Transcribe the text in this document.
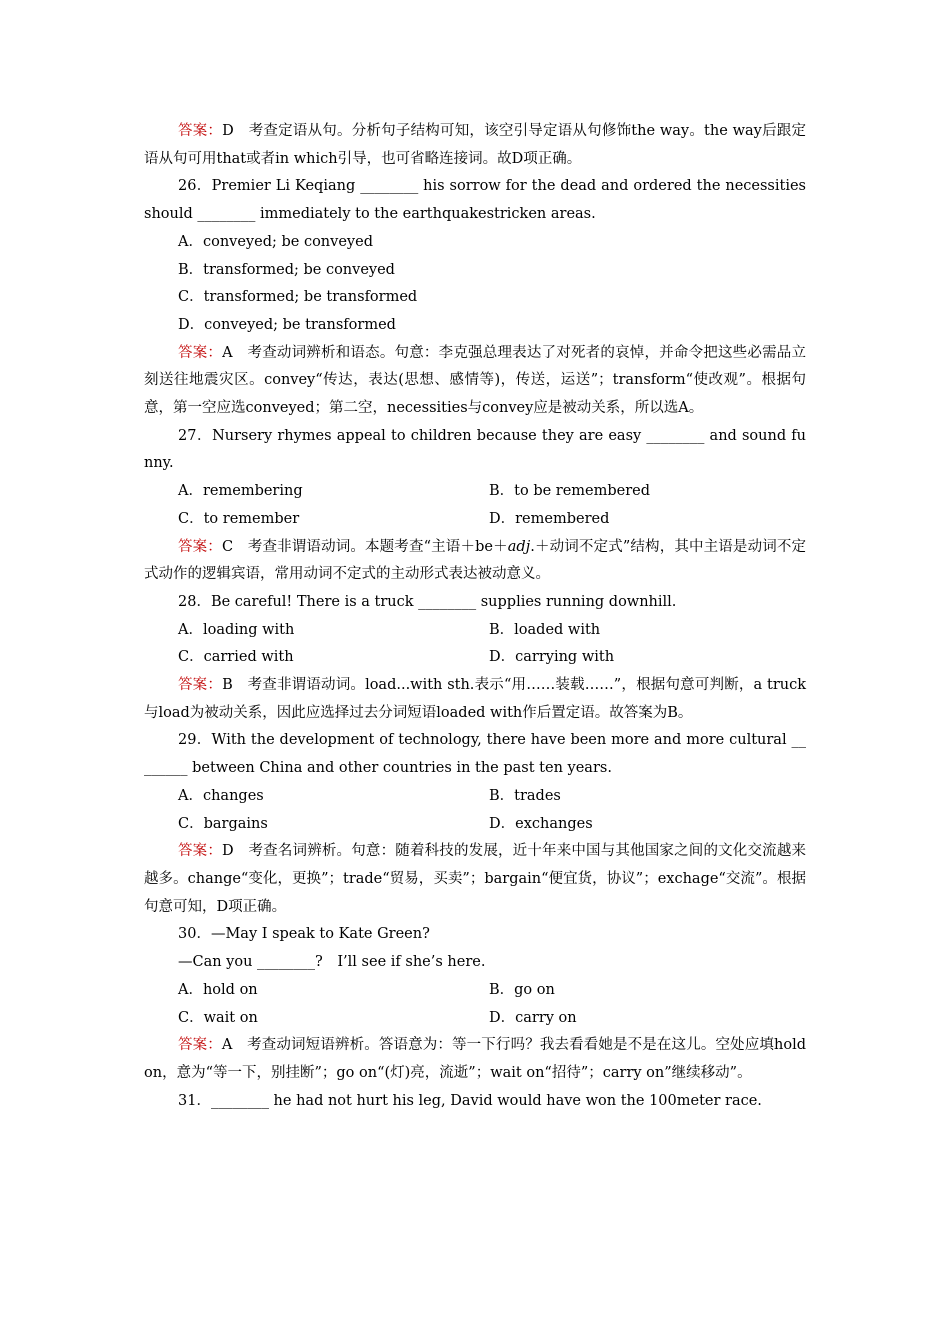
答案：D　考查定语从句。分析句子结构可知，该空引导定语从句修饰the way。the way后跟定语从句可用that或者in which引导，也可省略连接词。故D项正确。

26．Premier Li Keqiang ________ his sorrow for the dead and ordered the necessities should ________ immediately to the earthquakestricken areas.

A．conveyed; be conveyed

B．transformed; be conveyed

C．transformed; be transformed

D．conveyed; be transformed

答案：A　考查动词辨析和语态。句意：李克强总理表达了对死者的哀悼，并命令把这些必需品立刻送往地震灾区。convey“传达，表达(思想、感情等)，传送，运送”；transform“使改观”。根据句意，第一空应选conveyed；第二空，necessities与convey应是被动关系，所以选A。

27．Nursery rhymes appeal to children because they are easy ________ and sound funny.

A．remembering	B．to be remembered
C．to remember	D．remembered

答案：C　考查非谓语动词。本题考查“主语＋be＋adj.＋动词不定式”结构，其中主语是动词不定式动作的逻辑宾语，常用动词不定式的主动形式表达被动意义。

28．Be careful! There is a truck ________ supplies running downhill.

A．loading with	B．loaded with
C．carried with	D．carrying with

答案：B　考查非谓语动词。load...with sth.表示“用……装载……”，根据句意可判断，a truck与load为被动关系，因此应选择过去分词短语loaded with作后置定语。故答案为B。

29．With the development of technology, there have been more and more cultural ________ between China and other countries in the past ten years.

A．changes	B．trades
C．bargains	D．exchanges

答案：D　考查名词辨析。句意：随着科技的发展，近十年来中国与其他国家之间的文化交流越来越多。change“变化，更换”；trade“贸易，买卖”；bargain“便宜货，协议”；exchage“交流”。根据句意可知，D项正确。

30．—May I speak to Kate Green?

—Can you ________?　I’ll see if she’s here.

A．hold on	B．go on
C．wait on	D．carry on

答案：A　考查动词短语辨析。答语意为：等一下行吗？我去看看她是不是在这儿。空处应填hold on，意为“等一下，别挂断”；go on“(灯)亮，流逝”；wait on“招待”；carry on”继续移动”。

31．________ he had not hurt his leg, David would have won the 100meter race.
